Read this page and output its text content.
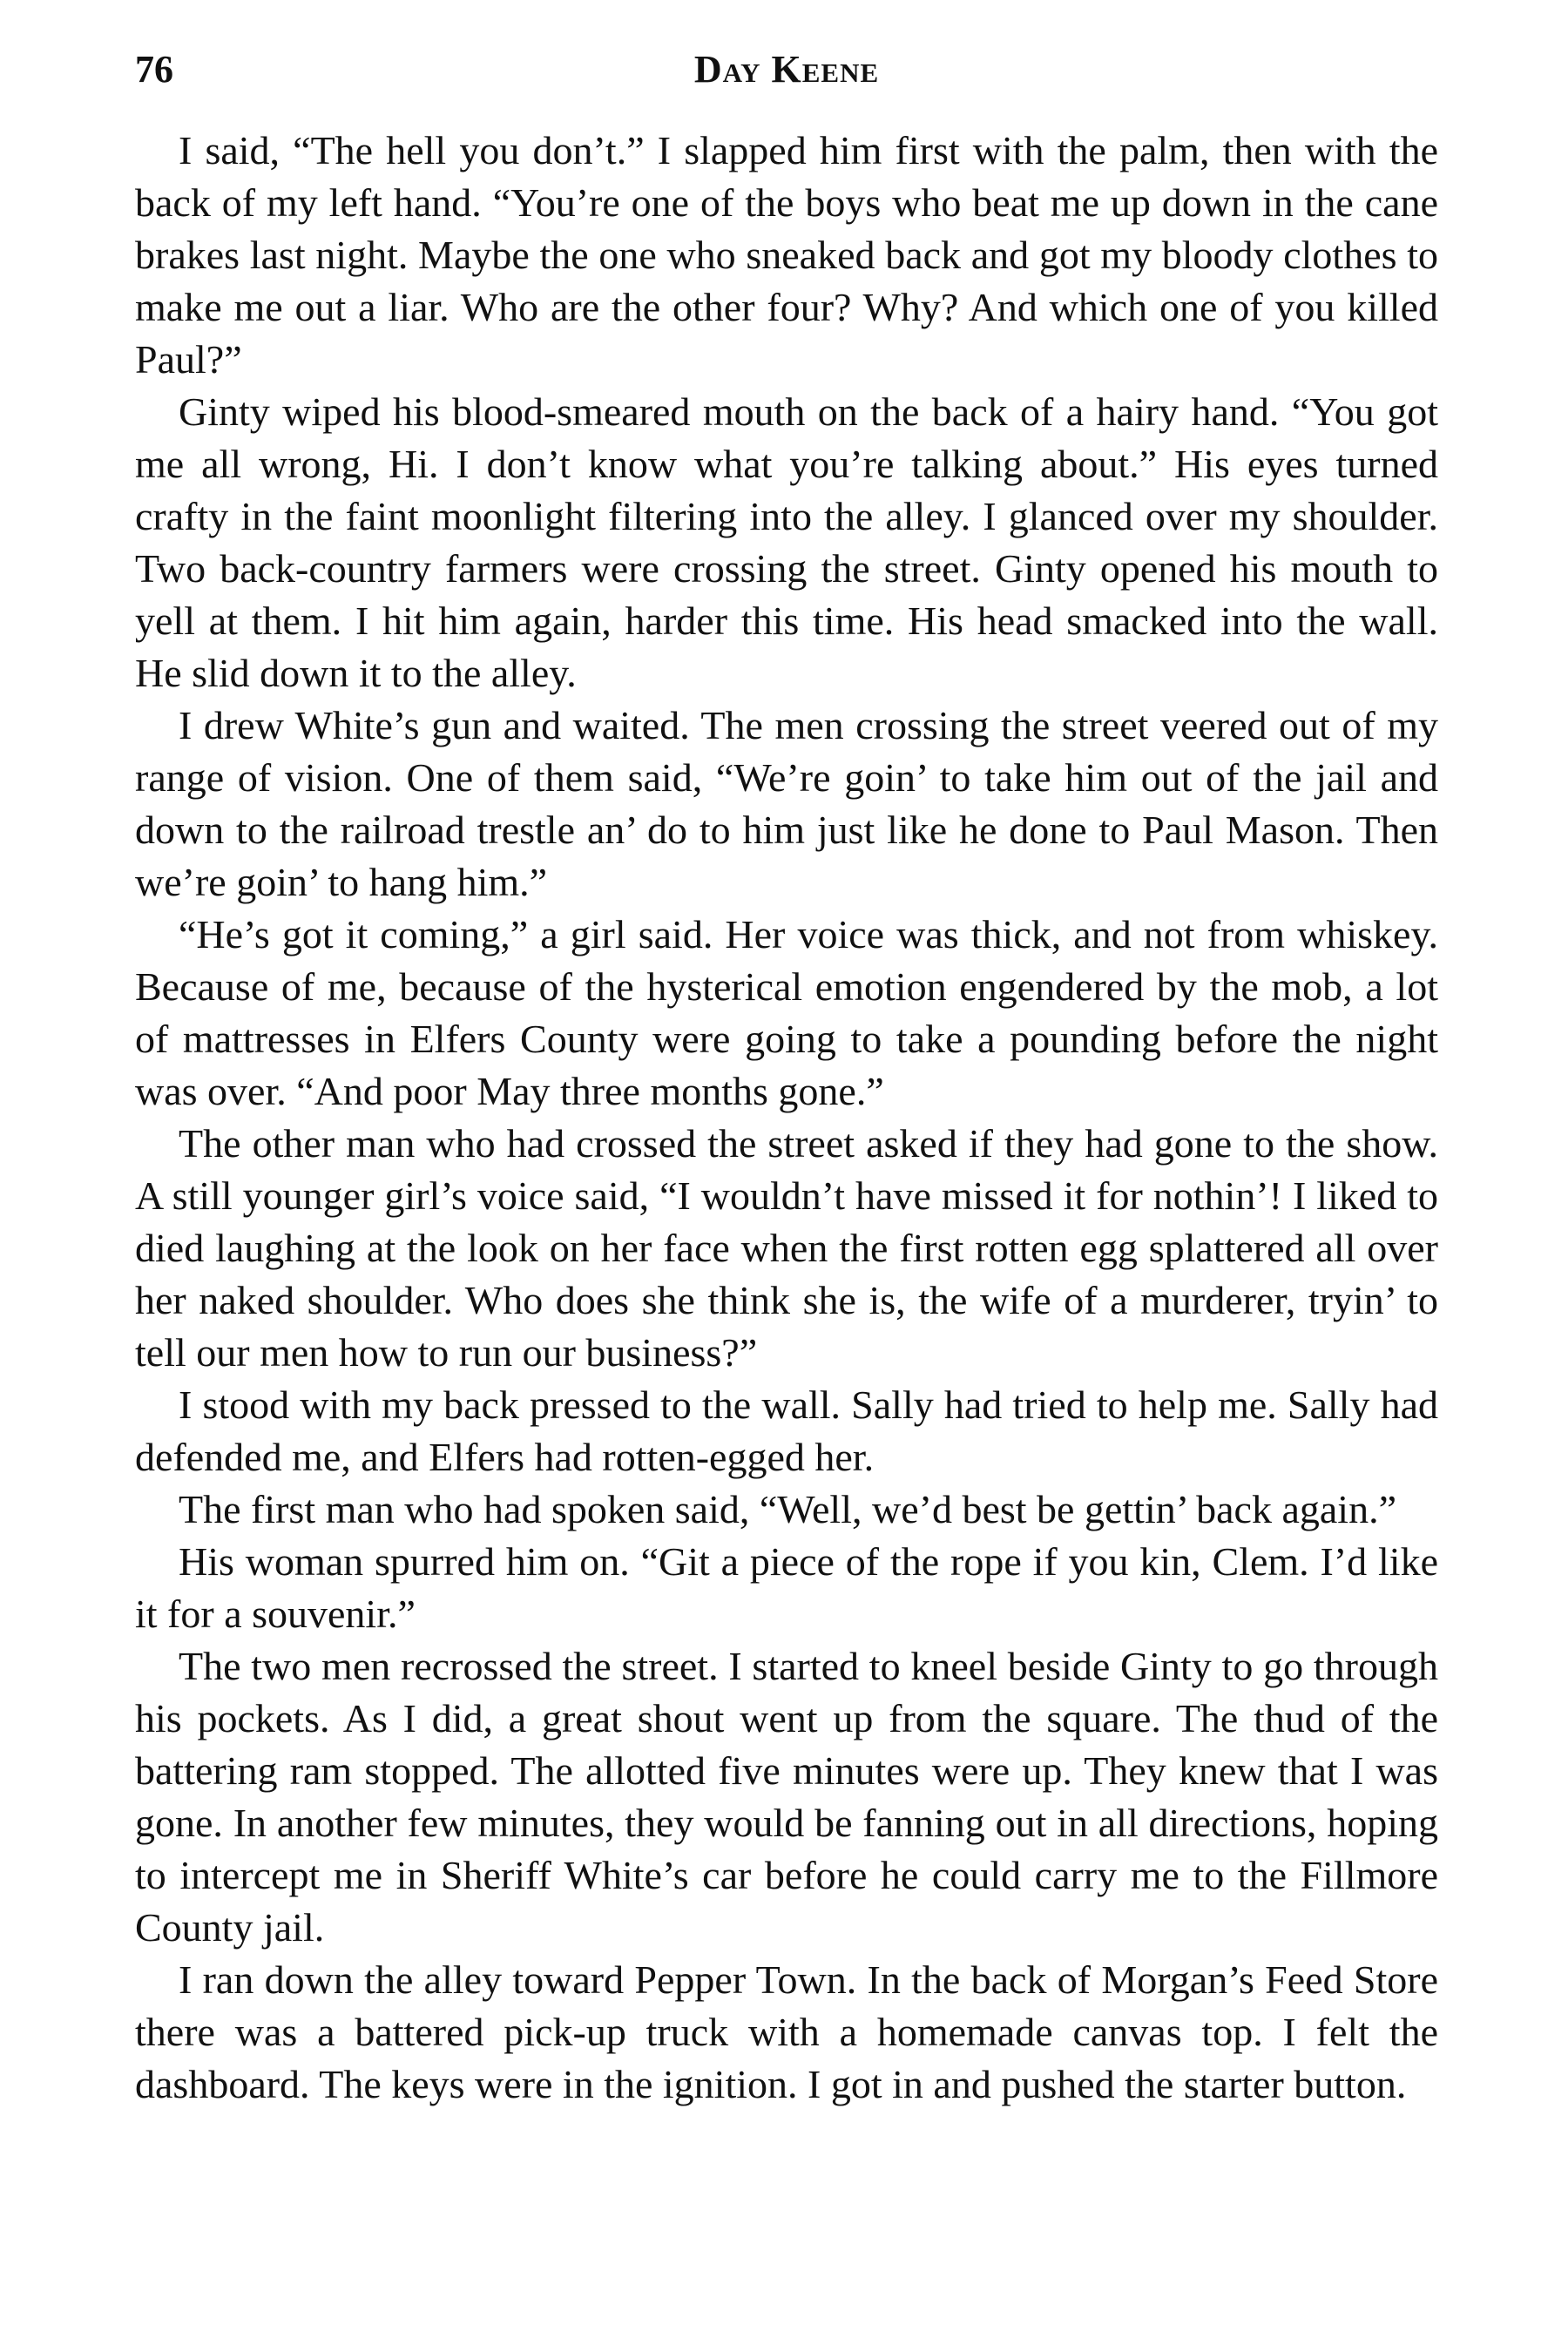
76	Day Keene

I said, “The hell you don’t.” I slapped him first with the palm, then with the back of my left hand. “You’re one of the boys who beat me up down in the cane brakes last night. Maybe the one who sneaked back and got my bloody clothes to make me out a liar. Who are the other four? Why? And which one of you killed Paul?”

Ginty wiped his blood-smeared mouth on the back of a hairy hand. “You got me all wrong, Hi. I don’t know what you’re talking about.” His eyes turned crafty in the faint moonlight filtering into the alley. I glanced over my shoulder. Two back-country farmers were crossing the street. Ginty opened his mouth to yell at them. I hit him again, harder this time. His head smacked into the wall. He slid down it to the alley.

I drew White’s gun and waited. The men crossing the street veered out of my range of vision. One of them said, “We’re goin’ to take him out of the jail and down to the railroad trestle an’ do to him just like he done to Paul Mason. Then we’re goin’ to hang him.”

“He’s got it coming,” a girl said. Her voice was thick, and not from whiskey. Because of me, because of the hysterical emotion engendered by the mob, a lot of mattresses in Elfers County were going to take a pounding before the night was over. “And poor May three months gone.”

The other man who had crossed the street asked if they had gone to the show. A still younger girl’s voice said, “I wouldn’t have missed it for nothin’! I liked to died laughing at the look on her face when the first rotten egg splattered all over her naked shoulder. Who does she think she is, the wife of a murderer, tryin’ to tell our men how to run our business?”

I stood with my back pressed to the wall. Sally had tried to help me. Sally had defended me, and Elfers had rotten-egged her.

The first man who had spoken said, “Well, we’d best be gettin’ back again.”

His woman spurred him on. “Git a piece of the rope if you kin, Clem. I’d like it for a souvenir.”

The two men recrossed the street. I started to kneel beside Ginty to go through his pockets. As I did, a great shout went up from the square. The thud of the battering ram stopped. The allotted five minutes were up. They knew that I was gone. In another few minutes, they would be fanning out in all directions, hoping to intercept me in Sheriff White’s car before he could carry me to the Fillmore County jail.

I ran down the alley toward Pepper Town. In the back of Morgan’s Feed Store there was a battered pick-up truck with a homemade canvas top. I felt the dashboard. The keys were in the ignition. I got in and pushed the starter button.
